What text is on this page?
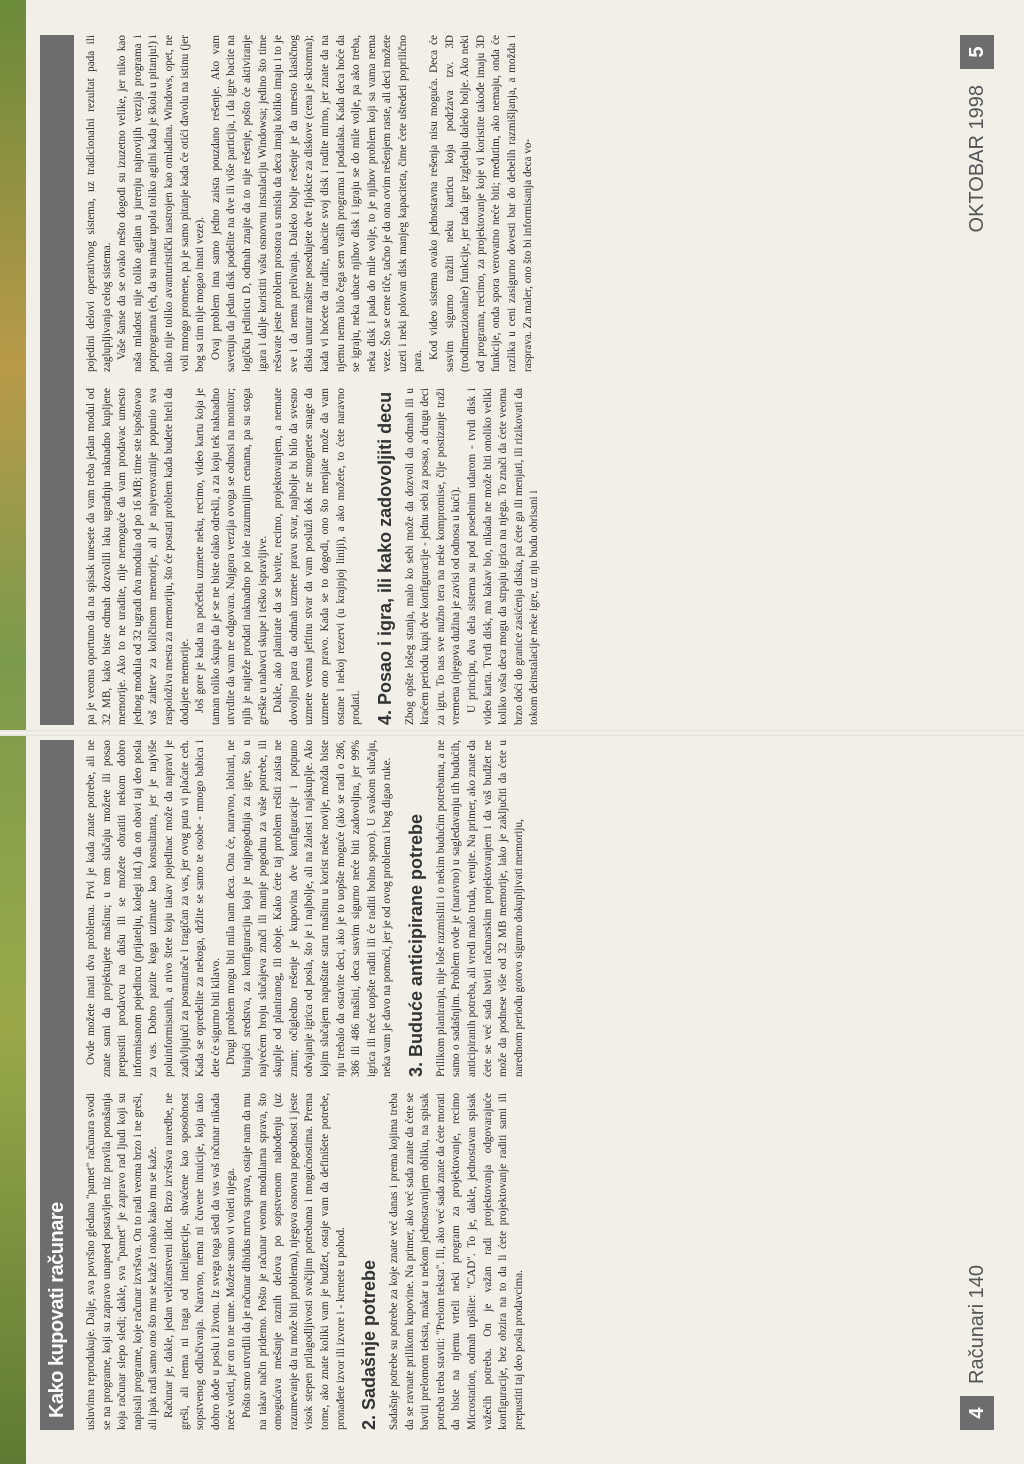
Kako kupovati računare	usluvima reprodukuje. Dalje, sva površno gledana "pamet" računara svodi se na programe, koji su zapravo unapred postavljen niz pravila ponašanja koja računar slepo sledi; dakle, sva "pamet" je zapravo rad ljudi koji su napisali programe, koje računar izvršava. On to radi veoma brzo i ne greši, ali ipak radi samo ono što mu se kaže i onako kako mu se kaže. Računar je, dakle, jedan veličanstveni idiot. Brzo izvršava naredbe, ne greši, ali nema ni traga od inteligencije, shvaćene kao sposobnost sopstvenog odlučivanja. Naravno, nema ni čuvene intuicije, koja tako dobro dođe u poslu i životu. Iz svega toga sledi da vas vaš računar nikada neće voleti, jer on to ne ume. Možete samo vi voleti njega. Pošto smo utvrdili da je računar dibidus mrtva sprava, ostaje nam da mu na takav način pridemo. Pošto je računar veoma modularna sprava, što omogućava mešanje raznih delova po sopstvenom nahođenju (uz razumevanje da tu može biti problema), njegova osnovna pogodnost i jeste visok stepen prilagodljivosti svačijim potrebama i mogućnostima. Prema tome, ako znate koliki vam je budžet, ostaje vam da definišete potrebe, pronađete izvor ili izvore i - krenete u pohod. 2. Sadašnje potrebe Sadašnje potrebe su potrebe za koje znate već danas i prema kojima treba da se ravnate prilikom kupovine. Na primer, ako već sada znate da ćete se baviti prelomom teksta, makar u nekom jednostavnijem obliku, na spisak potreba treba staviti: "Prelom teksta". Ili, ako već sada znate da ćete morati da biste na njemu vrteli neki program za projektovanje, recimo Microstation, odmah upišite: "CAD". To je, dakle, jednostavan spisak važećih potreba. On je važan radi projektovanja odgovarajuće konfiguracije, bez obzira na to da li ćete projektovanje raditi sami ili prepustiti taj deo posla prodavcima.

Ovde možete imati dva problema. Prvi je kada znate potrebe, ali ne znate sami da projektujete mašinu; u tom slučaju možete ili posao prepustiti prodavcu na dušu ili se možete obratiti nekom dobro informisanom pojedincu (prijatelju, kolegi itd.) da on obavi taj deo posla za vas. Dobro pazite koga uzimate kao konsultanta, jer je najviše poluinformisanih, a nivo štete koju takav pojedinac može da napravi je zadivljujući za posmatrače i tragičan za vas, jer ovog puta vi plaćate ceh. Kada se opredelite za nekoga, držite se samo te osobe - mnogo babica i dete će sigurno biti kilavo. Drugi problem mogu biti mila nam deca. Ona će, naravno, lobirati, ne birajući sredstva, za konfiguraciju koja je najpogodnija za igre, što u najvećem broju slučajeva znači ili manje pogodnu za vaše potrebe, ili skuplje od planiranog, ili oboje. Kako ćete taj problem rešiti zaista ne znam; očigledno rešenje je kupovina dve konfiguracije i potpuno odvajanje igrica od posla, što je i najbolje, ali na žalost i najskuplje. Ako kojim slučajem napuštate staru mašinu u korist neke novije, možda biste nju trebalo da ostavite deci, ako je to uopšte moguće (ako se radi o 286, 386 ili 486 mašini, deca sasvim sigurno neće biti zadovoljna, jer 99% igrica ili neće uopšte raditi ili će raditi bolno sporo). U svakom slučaju, neka vam je davo na pomoći, jer je od ovog problema i bog digao ruke. 3. Buduće anticipirane potrebe Prilikom planiranja, nije loše razmisliti i o nekim budućim potrebama, a ne samo o sadašnjim. Problem ovde je (naravno) u sagledavanju tih budućih, anticipiranih potreba, ali vredi malo truda, verujte. Na primer, ako znate da ćete se već sada baviti računarskim projektovanjem i da vaš budžet ne može da podnese više od 32 MB memorije, lako je zaključiti da ćete u narednom periodu gotovo sigurno dokupljivati memoriju,

4
Računari 140

pa je veoma oportuno da na spisak unesete da vam treba jedan modul od 32 MB, kako biste odmah dozvolili laku ugradnju naknadno kupljene memorije. Ako to ne uradite, nije nemoguće da vam prodavac umesto jednog modula od 32 ugradi dva modula od po 16 MB; time ste ispoštovao vaš zahtev za količinom memorije, ali je najverovatnije popunio sva raspoloživa mesta za memoriju, što će postati problem kada budete hteli da dodajete memorije. Još gore je kada na početku uzmete neku, recimo, video kartu koja je taman toliko skupa da je se ne biste olako odrekli, a za koju tek naknadno utvrdite da vam ne odgovara. Najgora verzija ovoga se odnosi na monitor; njih je najteže prodati naknadno po iole razumnijim cenama, pa su stoga greške u nabavci skupe i teško ispravljive. Dakle, ako planirate da se bavite, recimo, projektovanjem, a nemate dovoljno para da odmah uzmete pravu stvar, najbolje bi bilo da svesno uzmete veoma jeftinu stvar da vam posluži dok ne smognete snage da uzmete ono pravo. Kada se to dogodi, ono što menjate može da vam ostane i nekoj rezervi (u krajnjoj liniji), a ako možete, to ćete naravno prodati. 4. Posao i igra, ili kako zadovoljiti decu Zbog opšte lošeg stanja, malo ko sebi može da dozvoli da odmah ili u kraćem periodu kupi dve konfiguracije - jednu sebi za posao, a drugu deci za igru. To nas sve nužno tera na neke kompromise, čije postizanje traži vremena (njegova dužina je zavisi od odnosa u kući). U principu, dva dela sistema su pod posebnim udarom - tvrdi disk i video karta. Tvrdi disk, ma kakav bio, nikada ne može biti onoliko veliki koliko vaša deca mogu da strpaju igrica na njega. To znači da ćete veoma brzo doći do granice zasićenja diska, pa ćete ga ili menjati, ili rizikovati da tokom deinstalacije neke igre, uz nju budu obrisani i

pojedini delovi operativnog sistema, uz tradicionalni rezultat pada ili zaglupljivanja celog sistema. Vaše šanse da se ovako nešto dogodi su izuzetno velike, jer niko kao naša mladost nije toliko agilan u jurenju najnovijih verzija programa i potprograma (eh, da su makar upola toliko agilni kada je škola u pitanju!) i niko nije toliko avanturistički nastrojen kao omladina. Windows, opet, ne voli mnogo promene, pa je samo pitanje kada će otići đavolu na istinu (jer bog sa tim nije mogao imati veze). Ovaj problem ima samo jedno zaista pouzdano rešenje. Ako vam savetuju da jedan disk podelite na dve ili više particija, i da igre bacite na logičku jedinicu D, odmah znajte da to nije rešenje, pošto će aktiviranje igara i dalje koristiti vašu osnovnu instalaciju Windowsa; jedino što time rešavate jeste problem prostora u smislu da deca imaju koliko imaju i to je sve i da nema prelivanja. Daleko bolje rešenje je da umesto klasičnog diska unutar mašine posedujete dve fijokice za diskove (cena je skromna); kada vi hoćete da radite, ubacite svoj disk i radite mirno, jer znate da na njemu nema bilo čega sem vaših programa i podataka. Kada deca hoće da se igraju, neka ubace njihov disk i igraju se do mile volje, pa ako treba, neka disk i pada do mile volje, to je njihov problem koji sa vama nema veze. Što se cene tiče, tačno je da ona ovim rešenjem raste, ali deci možete uzeti i neki polovan disk manjeg kapaciteta, čime ćete uštedeti poprilično para.

Kod video sistema ovako jednostavna rešenja nisu moguća. Deca će sasvim sigurno tražiti neku karticu koja podržava tzv. 3D (trodimenzionalne) funkcije, jer tada igre izgledaju daleko bolje. Ako neki od programa, recimo, za projektovanje koje vi koristite takođe imaju 3D funkcije, onda spora verovatno neće biti; međutim, ako nemaju, onda će razlika u ceni zasigurno dovesti bar do debelih razmišljanja, a možda i rasprava. Za maler, ono što bi informisanja deca vo-	OKTOBAR 1998
5
